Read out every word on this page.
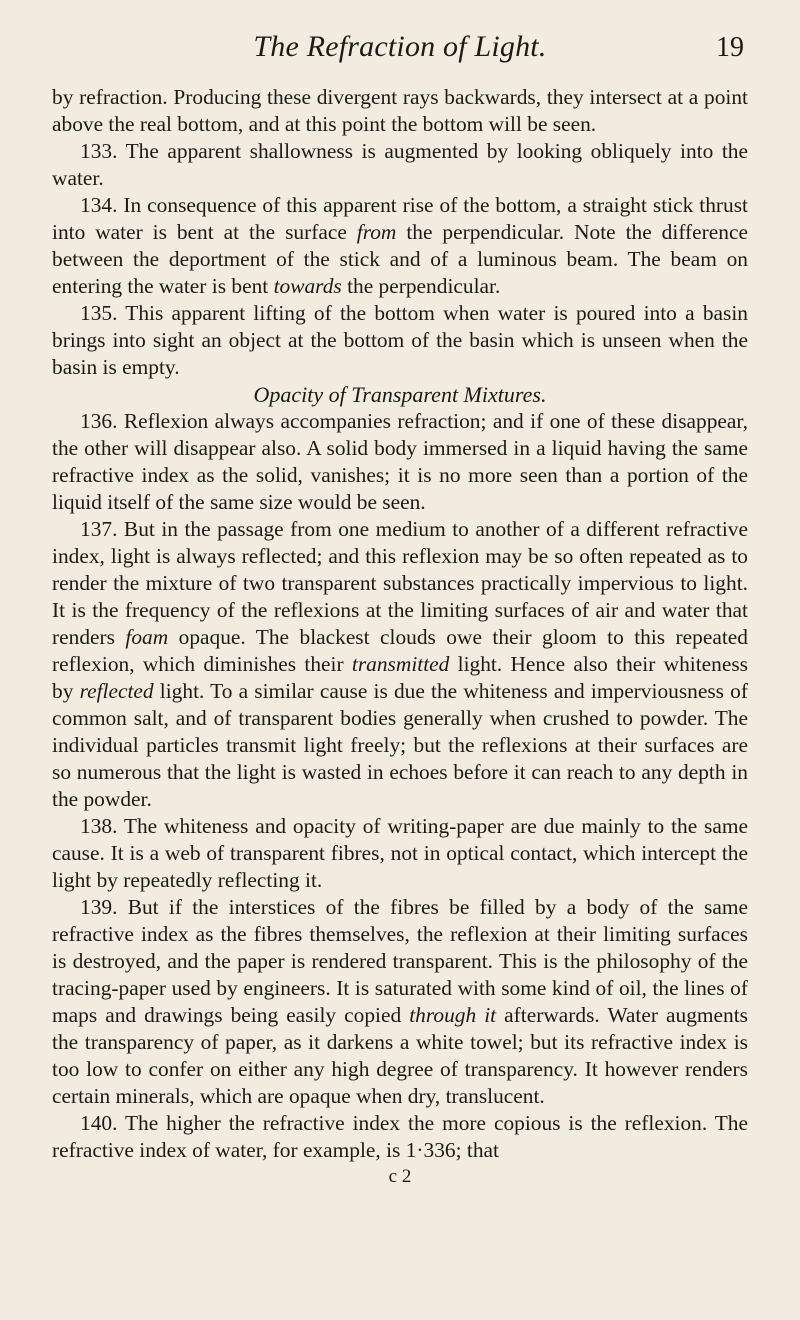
The Refraction of Light.	19

by refraction. Producing these divergent rays backwards, they intersect at a point above the real bottom, and at this point the bottom will be seen.

133. The apparent shallowness is augmented by looking obliquely into the water.

134. In consequence of this apparent rise of the bottom, a straight stick thrust into water is bent at the surface from the perpendicular. Note the difference between the deportment of the stick and of a luminous beam. The beam on entering the water is bent towards the perpendicular.

135. This apparent lifting of the bottom when water is poured into a basin brings into sight an object at the bottom of the basin which is unseen when the basin is empty.

Opacity of Transparent Mixtures.

136. Reflexion always accompanies refraction; and if one of these disappear, the other will disappear also. A solid body immersed in a liquid having the same refractive index as the solid, vanishes; it is no more seen than a portion of the liquid itself of the same size would be seen.

137. But in the passage from one medium to another of a different refractive index, light is always reflected; and this reflexion may be so often repeated as to render the mixture of two transparent substances practically impervious to light. It is the frequency of the reflexions at the limiting surfaces of air and water that renders foam opaque. The blackest clouds owe their gloom to this repeated reflexion, which diminishes their transmitted light. Hence also their whiteness by reflected light. To a similar cause is due the whiteness and imperviousness of common salt, and of transparent bodies generally when crushed to powder. The individual particles transmit light freely; but the reflexions at their surfaces are so numerous that the light is wasted in echoes before it can reach to any depth in the powder.

138. The whiteness and opacity of writing-paper are due mainly to the same cause. It is a web of transparent fibres, not in optical contact, which intercept the light by repeatedly reflecting it.

139. But if the interstices of the fibres be filled by a body of the same refractive index as the fibres themselves, the reflexion at their limiting surfaces is destroyed, and the paper is rendered transparent. This is the philosophy of the tracing-paper used by engineers. It is saturated with some kind of oil, the lines of maps and drawings being easily copied through it afterwards. Water augments the transparency of paper, as it darkens a white towel; but its refractive index is too low to confer on either any high degree of transparency. It however renders certain minerals, which are opaque when dry, translucent.

140. The higher the refractive index the more copious is the reflexion. The refractive index of water, for example, is 1·336; that

c 2
